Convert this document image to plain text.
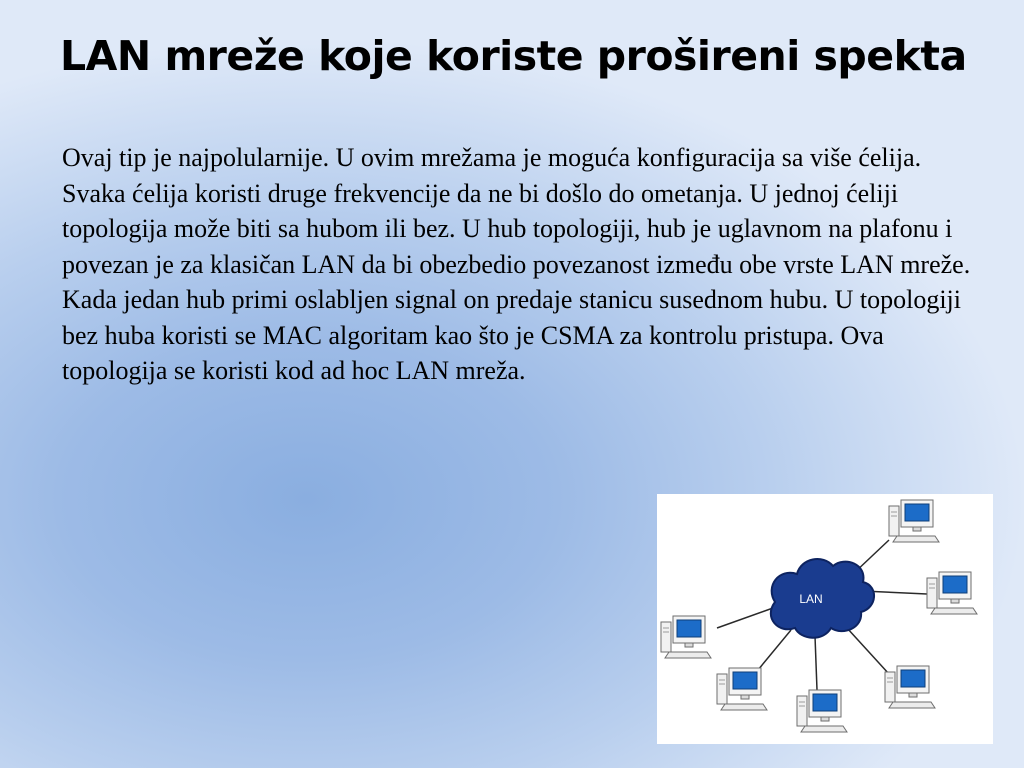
LAN mreže koje koriste prošireni spekta

Ovaj tip je najpolularnije. U ovim mrežama je moguća konfiguracija sa više ćelija. Svaka ćelija koristi druge frekvencije da ne bi došlo do ometanja. U jednoj ćeliji topologija može biti sa hubom ili bez. U hub topologiji, hub je uglavnom na plafonu i povezan je za klasičan LAN da bi obezbedio povezanost između obe vrste LAN mreže. Kada jedan hub primi oslabljen signal on predaje stanicu susednom hubu. U topologiji bez huba koristi se MAC algoritam kao što je CSMA za kontrolu pristupa. Ova topologija se koristi kod ad hoc LAN mreža.

LAN
